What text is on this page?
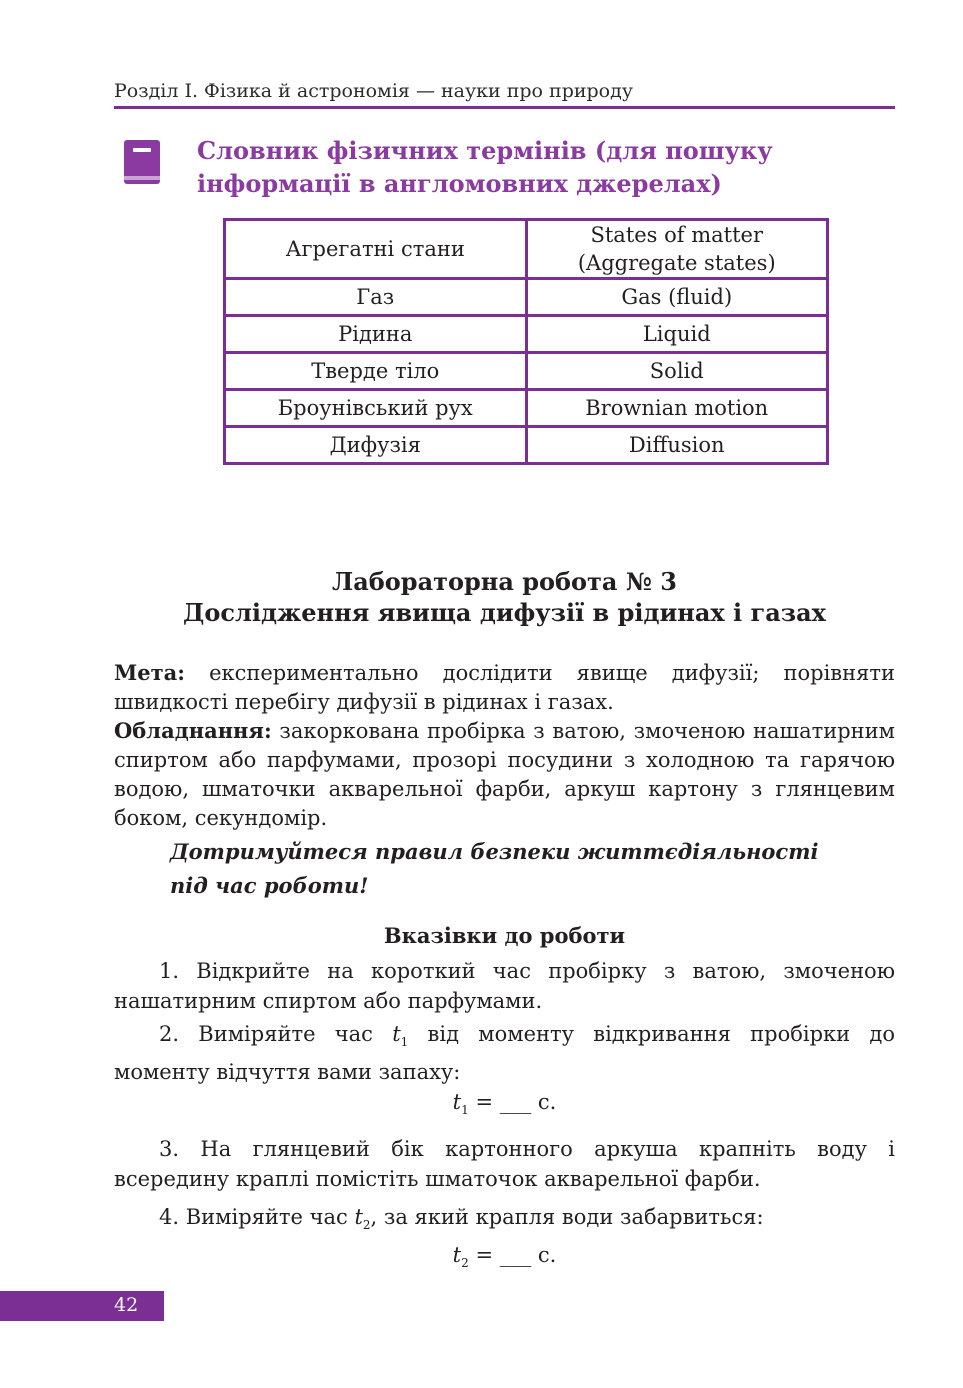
Розділ І. Фізика й астрономія — науки про природу
Словник фізичних термінів (для пошуку інформації в англомовних джерелах)
Агрегатні стани	States of matter
(Aggregate states)
Газ	Gas (fluid)
Рідина	Liquid
Тверде тіло	Solid
Броунівський рух	Brownian motion
Дифузія	Diffusion
Лабораторна робота № 3
Дослідження явища дифузії в рідинах і газах
Мета: експериментально дослідити явище дифузії; порівняти швидкості перебігу дифузії в рідинах і газах.
Обладнання: закоркована пробірка з ватою, змоченою нашатирним спиртом або парфумами, прозорі посудини з холодною та гарячою водою, шматочки акварельної фарби, аркуш картону з глянцевим боком, секундомір.
Дотримуйтеся правил безпеки життєдіяльності
під час роботи!
Вказівки до роботи
1. Відкрийте на короткий час пробірку з ватою, змоченою нашатирним спиртом або парфумами.
2. Виміряйте час $t_1$ від моменту відкривання пробірки до моменту відчуття вами запаху:
$t_1$ = ___ с.
3. На глянцевий бік картонного аркуша крапніть воду і всередину краплі помістіть шматочок акварельної фарби.
4. Виміряйте час $t_2$, за який крапля води забарвиться:
$t_2$ = ___ с.
42
